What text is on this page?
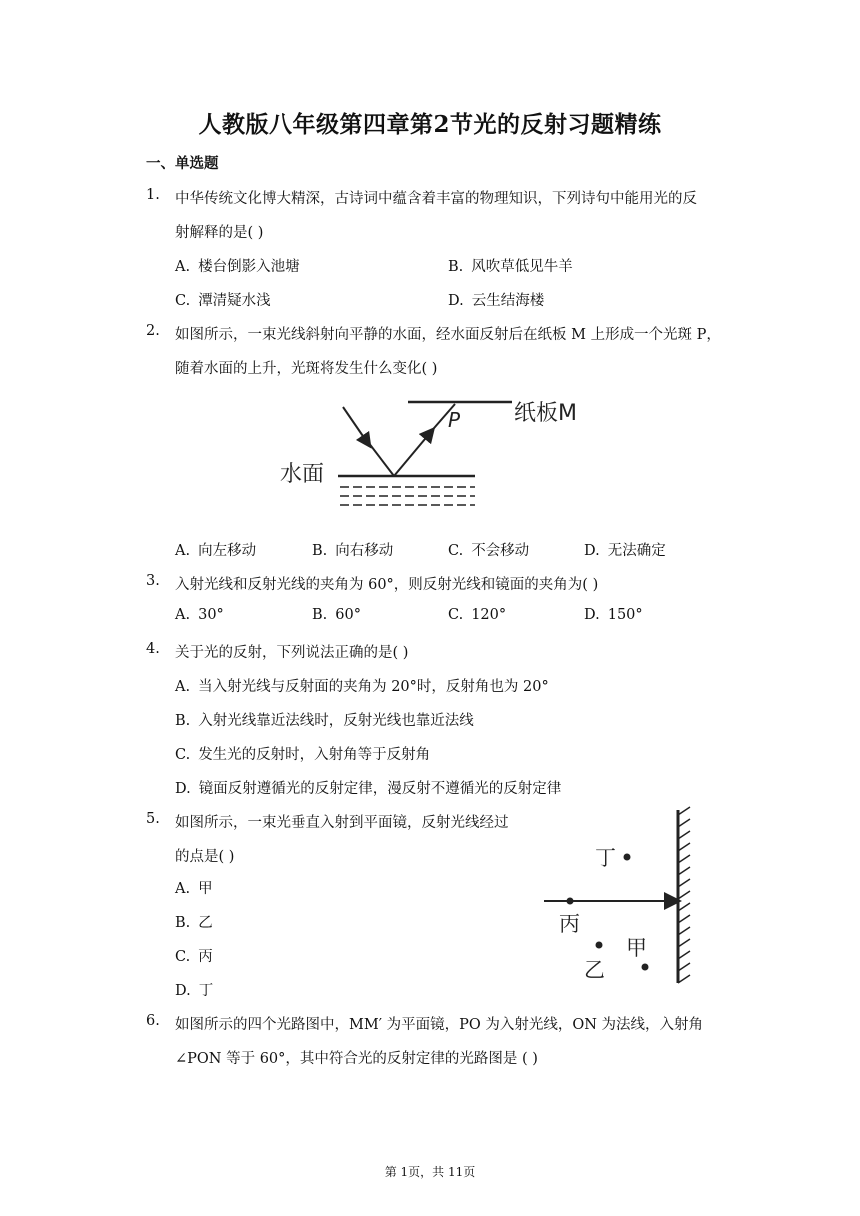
人教版八年级第四章第2节光的反射习题精练
一、单选题
1. 中华传统文化博大精深，古诗词中蕴含着丰富的物理知识，下列诗句中能用光的反
射解释的是( )
A. 楼台倒影入池塘	B. 风吹草低见牛羊
C. 潭清疑水浅	D. 云生结海楼
2. 如图所示，一束光线斜射向平静的水面，经水面反射后在纸板 M 上形成一个光斑 P，
随着水面的上升，光斑将发生什么变化( )
P 纸板M
水面
A. 向左移动	B. 向右移动	C. 不会移动	D. 无法确定
3. 入射光线和反射光线的夹角为 60°，则反射光线和镜面的夹角为( )
A. 30°	B. 60°	C. 120°	D. 150°
4. 关于光的反射，下列说法正确的是( )
A. 当入射光线与反射面的夹角为 20°时，反射角也为 20°
B. 入射光线靠近法线时，反射光线也靠近法线
C. 发生光的反射时，入射角等于反射角
D. 镜面反射遵循光的反射定律，漫反射不遵循光的反射定律
5. 如图所示，一束光垂直入射到平面镜，反射光线经过
的点是( )
A. 甲
B. 乙
C. 丙
D. 丁
丁
丙
甲
乙
6. 如图所示的四个光路图中，MM′ 为平面镜，PO 为入射光线，ON 为法线，入射角
∠PON 等于 60°，其中符合光的反射定律的光路图是 ( )
第 1页，共 11页
